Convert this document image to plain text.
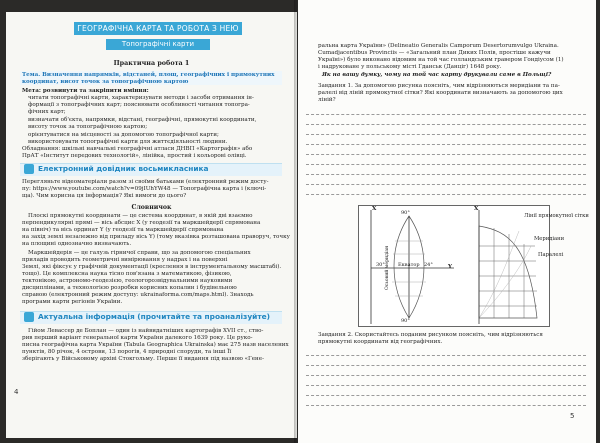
ГЕОГРАФІЧНА КАРТА ТА РОБОТА З НЕЮ
Топографічні карти
Практична робота 1
Тема. Визначення напрямків, відстаней, площ, географічних і прямокутних
координат, висот точок за топографічною картою
Мета: розвинути та закріпити вміння:
читати топографічні карти, характеризувати методи і засоби отримання ін-
формації з топографічних карт; пояснювати особливості читання топогра-
фічних карт;
визначати об'єкта, напрямки, відстані, географічні, прямокутні координати,
висоту точок за топографічною картою;
орієнтуватися на місцевості за допомогою топографічної карти;
використовувати топографічні карти для життєдіяльності людини.
Обладнання: шкільні навчальні географічні атласи ДНВП «Картографія» або
ПрАТ «Інститут передових технологій», лінійка, простий і кольорові олівці.
Електронний довідник восьмикласника
Перегляньте відеоматеріали разом зі своїми батьками (електронний режим досту-
пу: https://www.youtube.com/watch?v=09jIUhYW48 — Топографічна карта і (ключі-
ща). Чим корисна ця інформація? Які вимоги до цього?
Словничок
Плоскі прямокутні координати — це система координат, в якій дві взаємно
перпендикулярні прямі — вісь абсцис X (у геодезії та маркшейдерії спрямована
на північ) та вісь ординат Y (у геодезії та маркшейдерії спрямована
на захід землі незалежно від приладу вісь Y) (тому вказівка розташована праворуч, точку
на площині однозначно визначають.
Маркшейдерія — це галузь гірничої справи, що за допомогою спеціальних
приладів проводить геометричні вимірювання у надрах і на поверхні
Землі, які фіксує у графічній документації (креслення в інструментальному масштабі).
тощо). Це комплексна наука тісно пов'язана з математикою, фізикою,
тектонікою, астрономо-геодезією, геологорозвідувальними науковими
дисциплінами, а технологією розробки корисних копалин і будівельною
справою (електронний режим доступу: ukrainaforma.com/maps.html). Знаходь
програми карти регіонів України.
Актуальна інформація (прочитайте та проаналізуйте)
Гійом Левассер де Боплан — один із найвидатніших картографів XVII ст., ство-
рив перший варіант генеральної карти України далекого 1639 року. Це руко-
писна географічна карта України (Tabula Geographica Ukrainska) має 275 назв населених
пунктів, 80 річок, 4 острови, 13 порогів, 4 природні споруди, та інші Її
зберігають у Військовому архіві Стокгольму. Перше її видання під назвою «Гене-
4
ральна карта України» (Delineatio Generalis Camporum Desertorumvulgo Ukraina.
Cumadjacentibus Provinciis — «Загальний план Диких Полів, простіше кажучи
Україні») було виконано відомим на той час голландським гравером Гондіусом (1)
і надруковане у польському місті Гданськ (Данціг) 1648 року.
Як на вашу думку, чому на той час карту друкували саме в Польщі?
Завдання 1. За допомогою рисунка поясніть, чим відрізняються меридіани та па-
ралелі від ліній прямокутної сітки? Які координати визначають за допомогою цих
ліній?
X
90°
30°	Екватор 24°	Y
90°
Осьовий меридіан
X
Лінії прямокутної сітки
Меридіани
Паралелі
Завдання 2. Скористайтесь поданим рисунком поясніть, чим відрізняються
прямокутні координати від географічних.
5
